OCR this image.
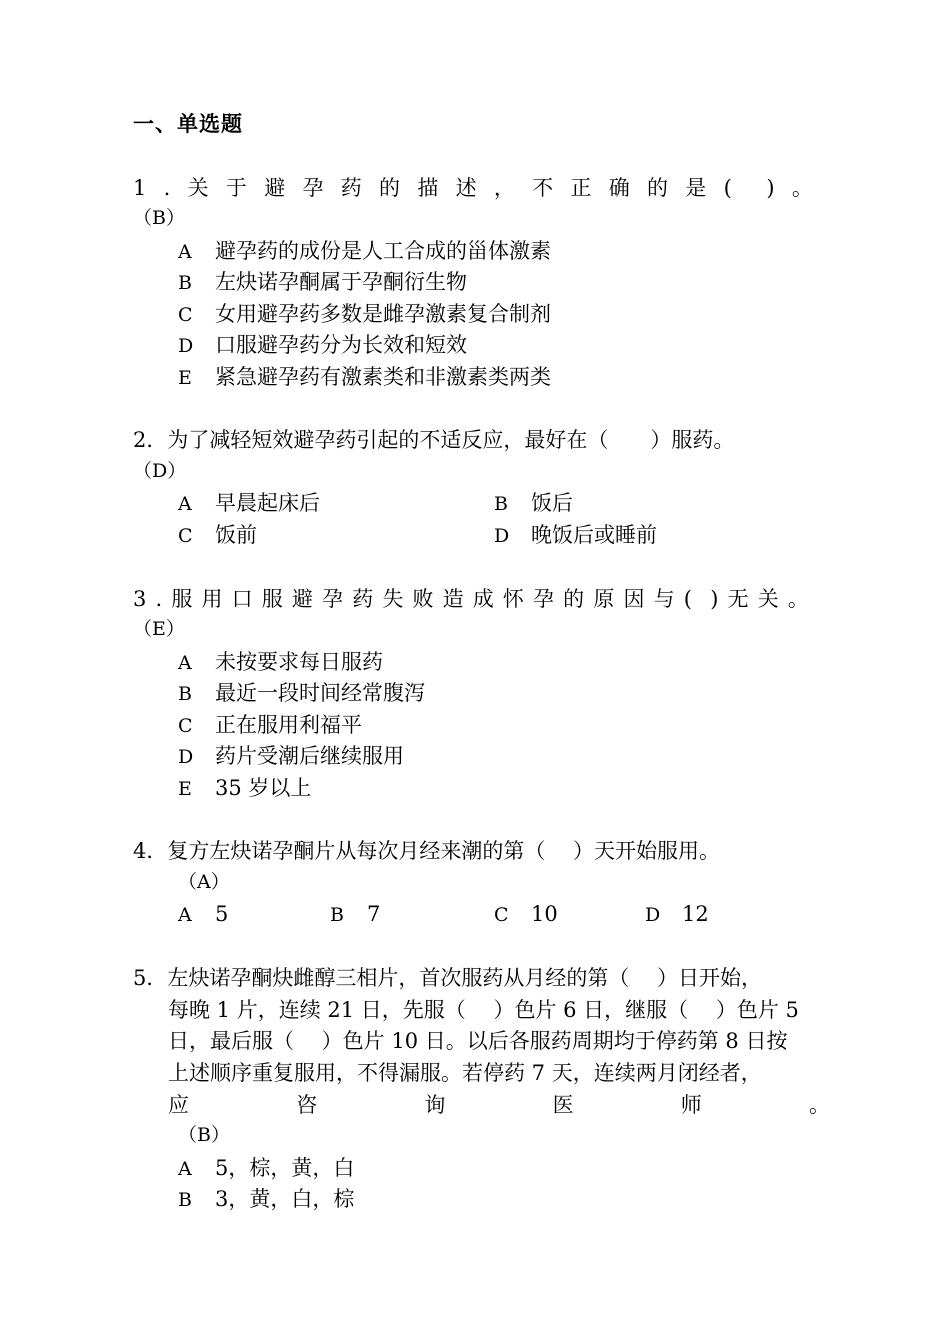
一、单选题
1 . 关 于 避 孕 药 的 描 述 ， 不 正 确 的 是 ( ) 。
（B）
A 避孕药的成份是人工合成的甾体激素
B 左炔诺孕酮属于孕酮衍生物
C 女用避孕药多数是雌孕激素复合制剂
D 口服避孕药分为长效和短效
E 紧急避孕药有激素类和非激素类两类
2．为了减轻短效避孕药引起的不适反应，最好在（　　）服药。
（D）
A 早晨起床后	B 饭后
C 饭前	D 晚饭后或睡前
3 . 服 用 口 服 避 孕 药 失 败 造 成 怀 孕 的 原 因 与 ( ) 无 关 。
（E）
A 未按要求每日服药
B 最近一段时间经常腹泻
C 正在服用利福平
D 药片受潮后继续服用
E 35 岁以上
4．复方左炔诺孕酮片从每次月经来潮的第（　 ）天开始服用。
（A）
A 5	B 7	C 10	D 12
5．左炔诺孕酮炔雌醇三相片，首次服药从月经的第（　 ）日开始，
每晚 1 片，连续 21 日，先服（　 ）色片 6 日，继服（　 ）色片 5
日，最后服（　 ）色片 10 日。以后各服药周期均于停药第 8 日按
上述顺序重复服用，不得漏服。若停药 7 天，连续两月闭经者，
应	咨	询	医	师	。
（B）
A 5，棕，黄，白
B 3，黄，白，棕
